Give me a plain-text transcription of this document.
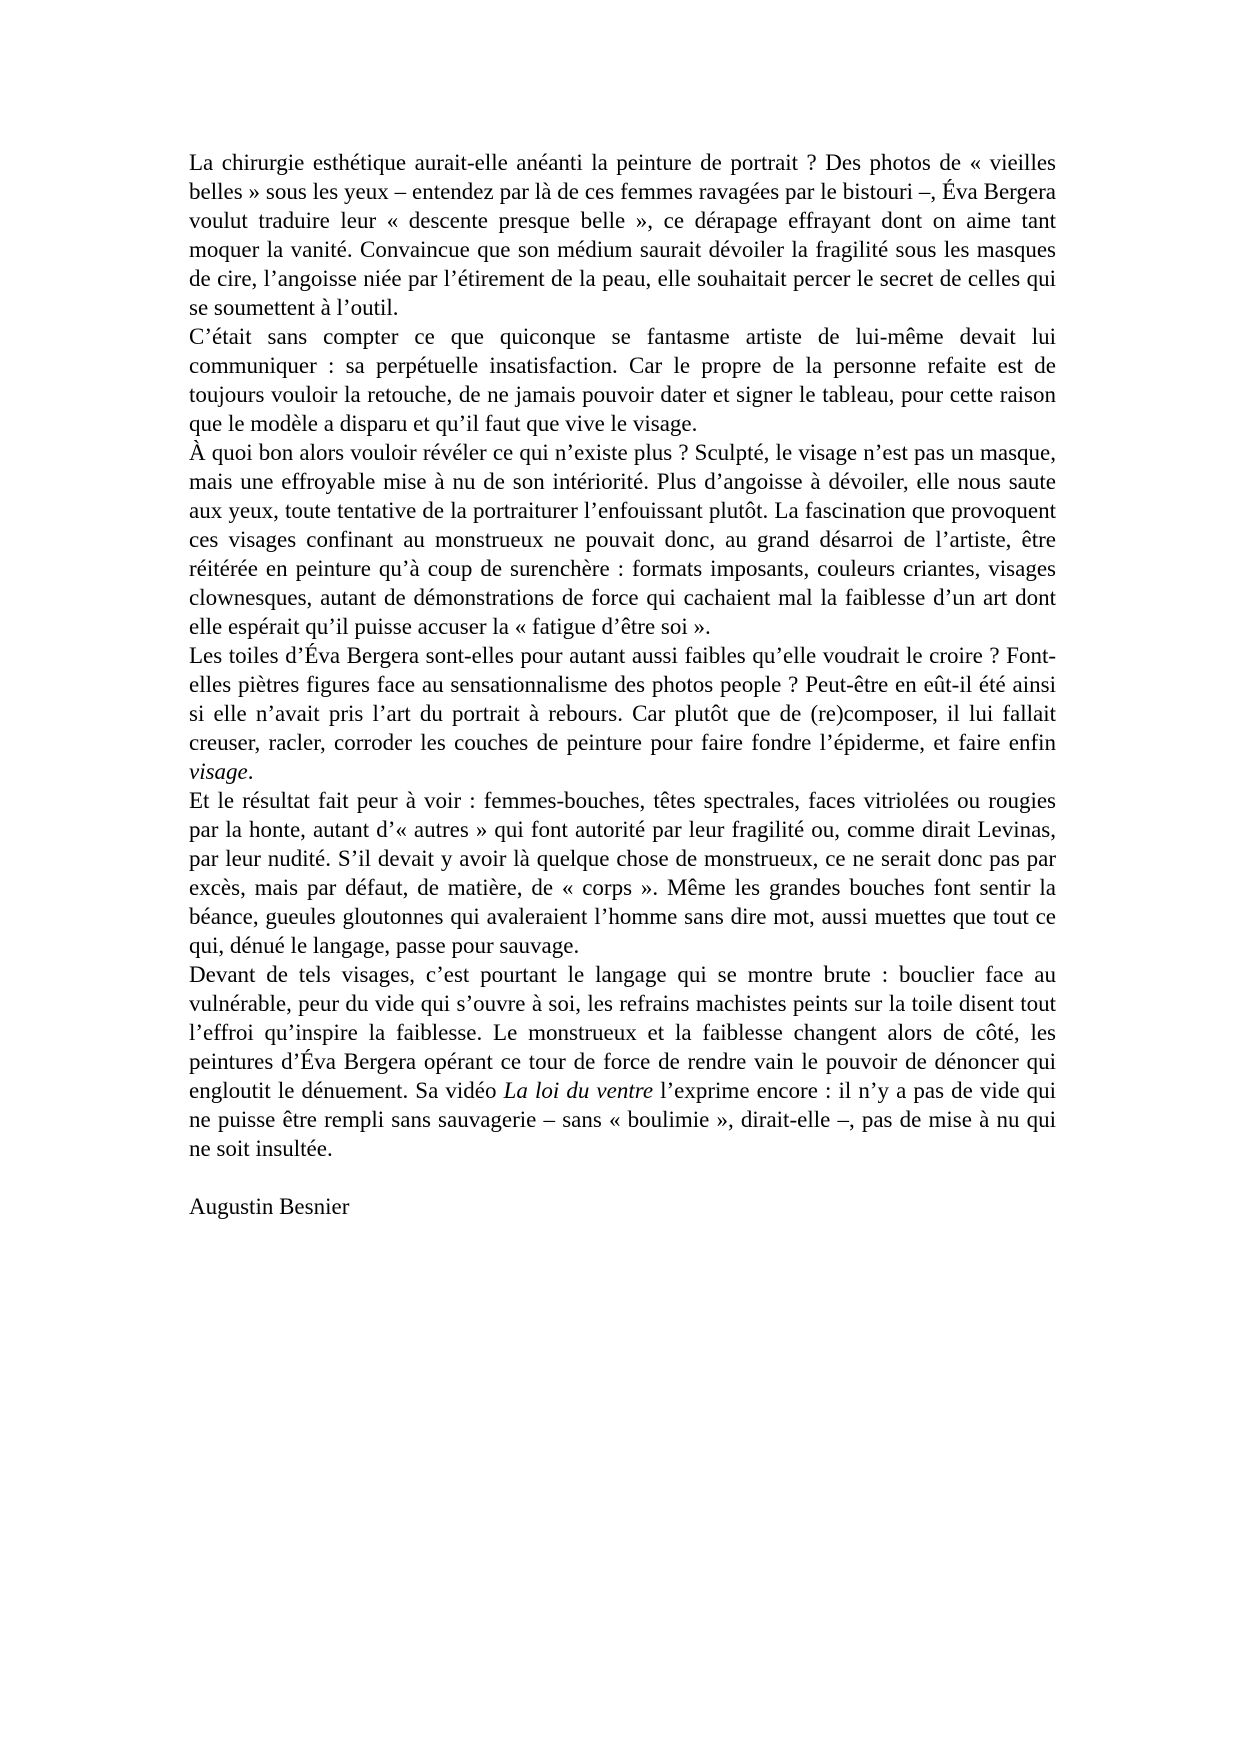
La chirurgie esthétique aurait-elle anéanti la peinture de portrait ? Des photos de « vieilles belles » sous les yeux – entendez par là de ces femmes ravagées par le bistouri –, Éva Bergera voulut traduire leur « descente presque belle », ce dérapage effrayant dont on aime tant moquer la vanité. Convaincue que son médium saurait dévoiler la fragilité sous les masques de cire, l’angoisse niée par l’étirement de la peau, elle souhaitait percer le secret de celles qui se soumettent à l’outil.

C’était sans compter ce que quiconque se fantasme artiste de lui-même devait lui communiquer : sa perpétuelle insatisfaction. Car le propre de la personne refaite est de toujours vouloir la retouche, de ne jamais pouvoir dater et signer le tableau, pour cette raison que le modèle a disparu et qu’il faut que vive le visage.

À quoi bon alors vouloir révéler ce qui n’existe plus ? Sculpté, le visage n’est pas un masque, mais une effroyable mise à nu de son intériorité. Plus d’angoisse à dévoiler, elle nous saute aux yeux, toute tentative de la portraiturer l’enfouissant plutôt. La fascination que provoquent ces visages confinant au monstrueux ne pouvait donc, au grand désarroi de l’artiste, être réitérée en peinture qu’à coup de surenchère : formats imposants, couleurs criantes, visages clownesques, autant de démonstrations de force qui cachaient mal la faiblesse d’un art dont elle espérait qu’il puisse accuser la « fatigue d’être soi ».

Les toiles d’Éva Bergera sont-elles pour autant aussi faibles qu’elle voudrait le croire ? Font-elles piètres figures face au sensationnalisme des photos people ? Peut-être en eût-il été ainsi si elle n’avait pris l’art du portrait à rebours. Car plutôt que de (re)composer, il lui fallait creuser, racler, corroder les couches de peinture pour faire fondre l’épiderme, et faire enfin visage.

Et le résultat fait peur à voir : femmes-bouches, têtes spectrales, faces vitriolées ou rougies par la honte, autant d’« autres » qui font autorité par leur fragilité ou, comme dirait Levinas, par leur nudité. S’il devait y avoir là quelque chose de monstrueux, ce ne serait donc pas par excès, mais par défaut, de matière, de « corps ». Même les grandes bouches font sentir la béance, gueules gloutonnes qui avaleraient l’homme sans dire mot, aussi muettes que tout ce qui, dénué le langage, passe pour sauvage.

Devant de tels visages, c’est pourtant le langage qui se montre brute : bouclier face au vulnérable, peur du vide qui s’ouvre à soi, les refrains machistes peints sur la toile disent tout l’effroi qu’inspire la faiblesse. Le monstrueux et la faiblesse changent alors de côté, les peintures d’Éva Bergera opérant ce tour de force de rendre vain le pouvoir de dénoncer qui engloutit le dénuement. Sa vidéo La loi du ventre l’exprime encore : il n’y a pas de vide qui ne puisse être rempli sans sauvagerie – sans « boulimie », dirait-elle –, pas de mise à nu qui ne soit insultée.

Augustin Besnier
